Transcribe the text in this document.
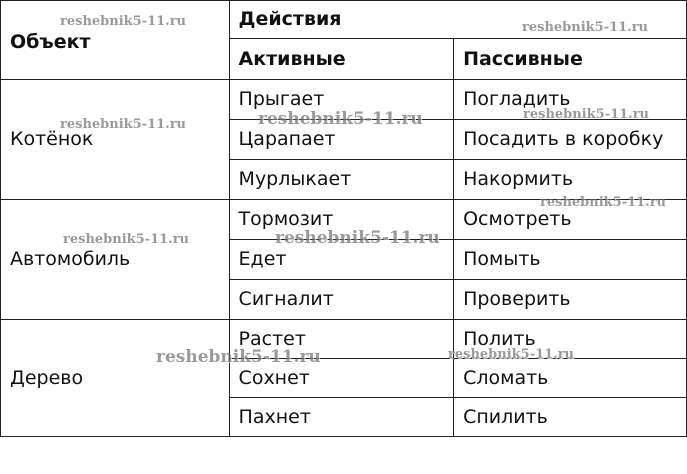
Объект	Действия	
	Активные	Пассивные
Котёнок	Прыгает	Погладить
	Царапает	Посадить в коробку
	Мурлыкает	Накормить
Автомобиль	Тормозит	Осмотреть
	Едет	Помыть
	Сигналит	Проверить
Дерево	Растет	Полить
	Сохнет	Сломать
	Пахнет	Спилить
reshebnik5-11.ru	reshebnik5-11.ru
reshebnik5-11.ru	reshebnik5-11.ru	reshebnik5-11.ru
reshebnik5-11.ru
reshebnik5-11.ru	reshebnik5-11.ru
reshebnik5-11.ru	reshebnik5-11.ru
